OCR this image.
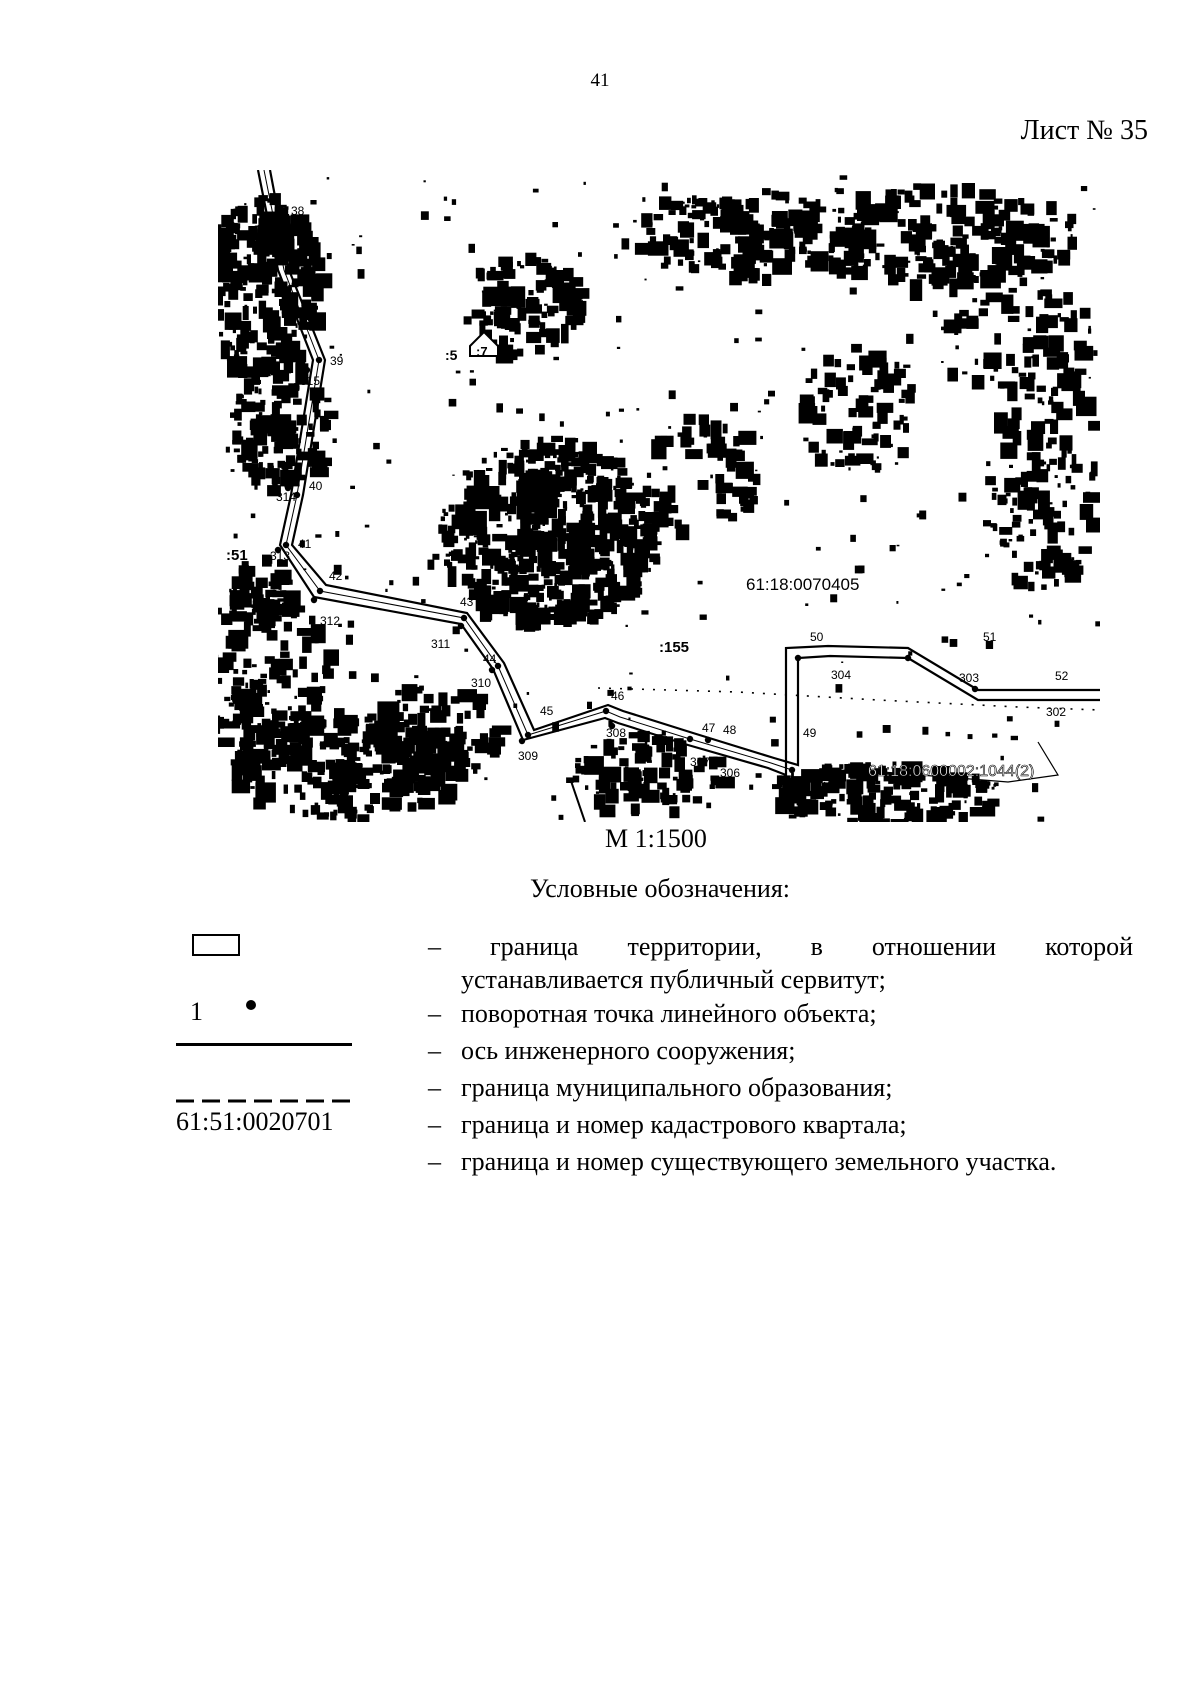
41
Лист № 35
38
39
40
41
42
43
44
45
46
47 48	49
50	51
52
316
315
314
313
312
311
310
309
308
307
306	305
304	303
302
:5 :7
:51
:155
61:18:0070405
61:18:0600002:1044(2)
М 1:1500
Условные обозначения:
1
61:51:0020701
– граница территории, в отношении которой
устанавливается публичный сервитут;
– поворотная точка линейного объекта;
– ось инженерного сооружения;
– граница муниципального образования;
– граница и номер кадастрового квартала;
– граница и номер существующего земельного участка.
